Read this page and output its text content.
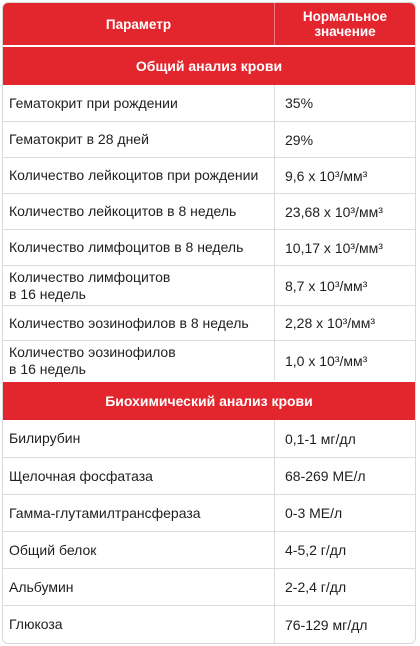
Параметр	Нормальное
значение
Общий анализ крови
Гематокрит при рождении	35%
Гематокрит в 28 дней	29%
Количество лейкоцитов при рождении	9,6 x 10³/мм³
Количество лейкоцитов в 8 недель	23,68 x 10³/мм³
Количество лимфоцитов в 8 недель	10,17 x 10³/мм³
Количество лимфоцитов
в 16 недель	8,7 x 10³/мм³
Количество эозинофилов в 8 недель	2,28 x 10³/мм³
Количество эозинофилов
в 16 недель	1,0 x 10³/мм³
Биохимический анализ крови
Билирубин	0,1-1 мг/дл
Щелочная фосфатаза	68-269 МЕ/л
Гамма-глутамилтрансфераза	0-3 МЕ/л
Общий белок	4-5,2 г/дл
Альбумин	2-2,4 г/дл
Глюкоза	76-129 мг/дл
